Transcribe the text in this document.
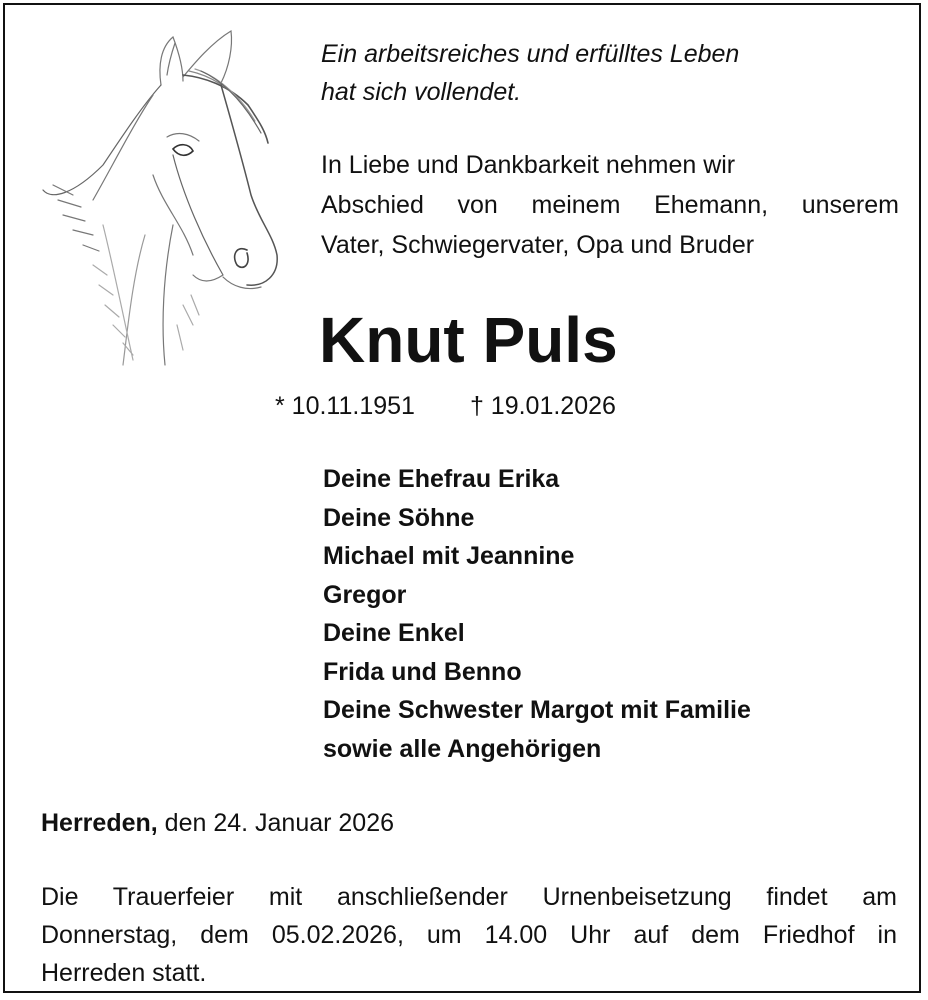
Ein arbeitsreiches und erfülltes Leben
hat sich vollendet.
In Liebe und Dankbarkeit nehmen wir
Abschied von meinem Ehemann, unserem
Vater, Schwiegervater, Opa und Bruder
Knut Puls
* 10.11.1951 † 19.01.2026
Deine Ehefrau Erika
Deine Söhne
Michael mit Jeannine
Gregor
Deine Enkel
Frida und Benno
Deine Schwester Margot mit Familie
sowie alle Angehörigen
Herreden, den 24. Januar 2026
Die Trauerfeier mit anschließender Urnenbeisetzung findet am
Donnerstag, dem 05.02.2026, um 14.00 Uhr auf dem Friedhof in
Herreden statt.
